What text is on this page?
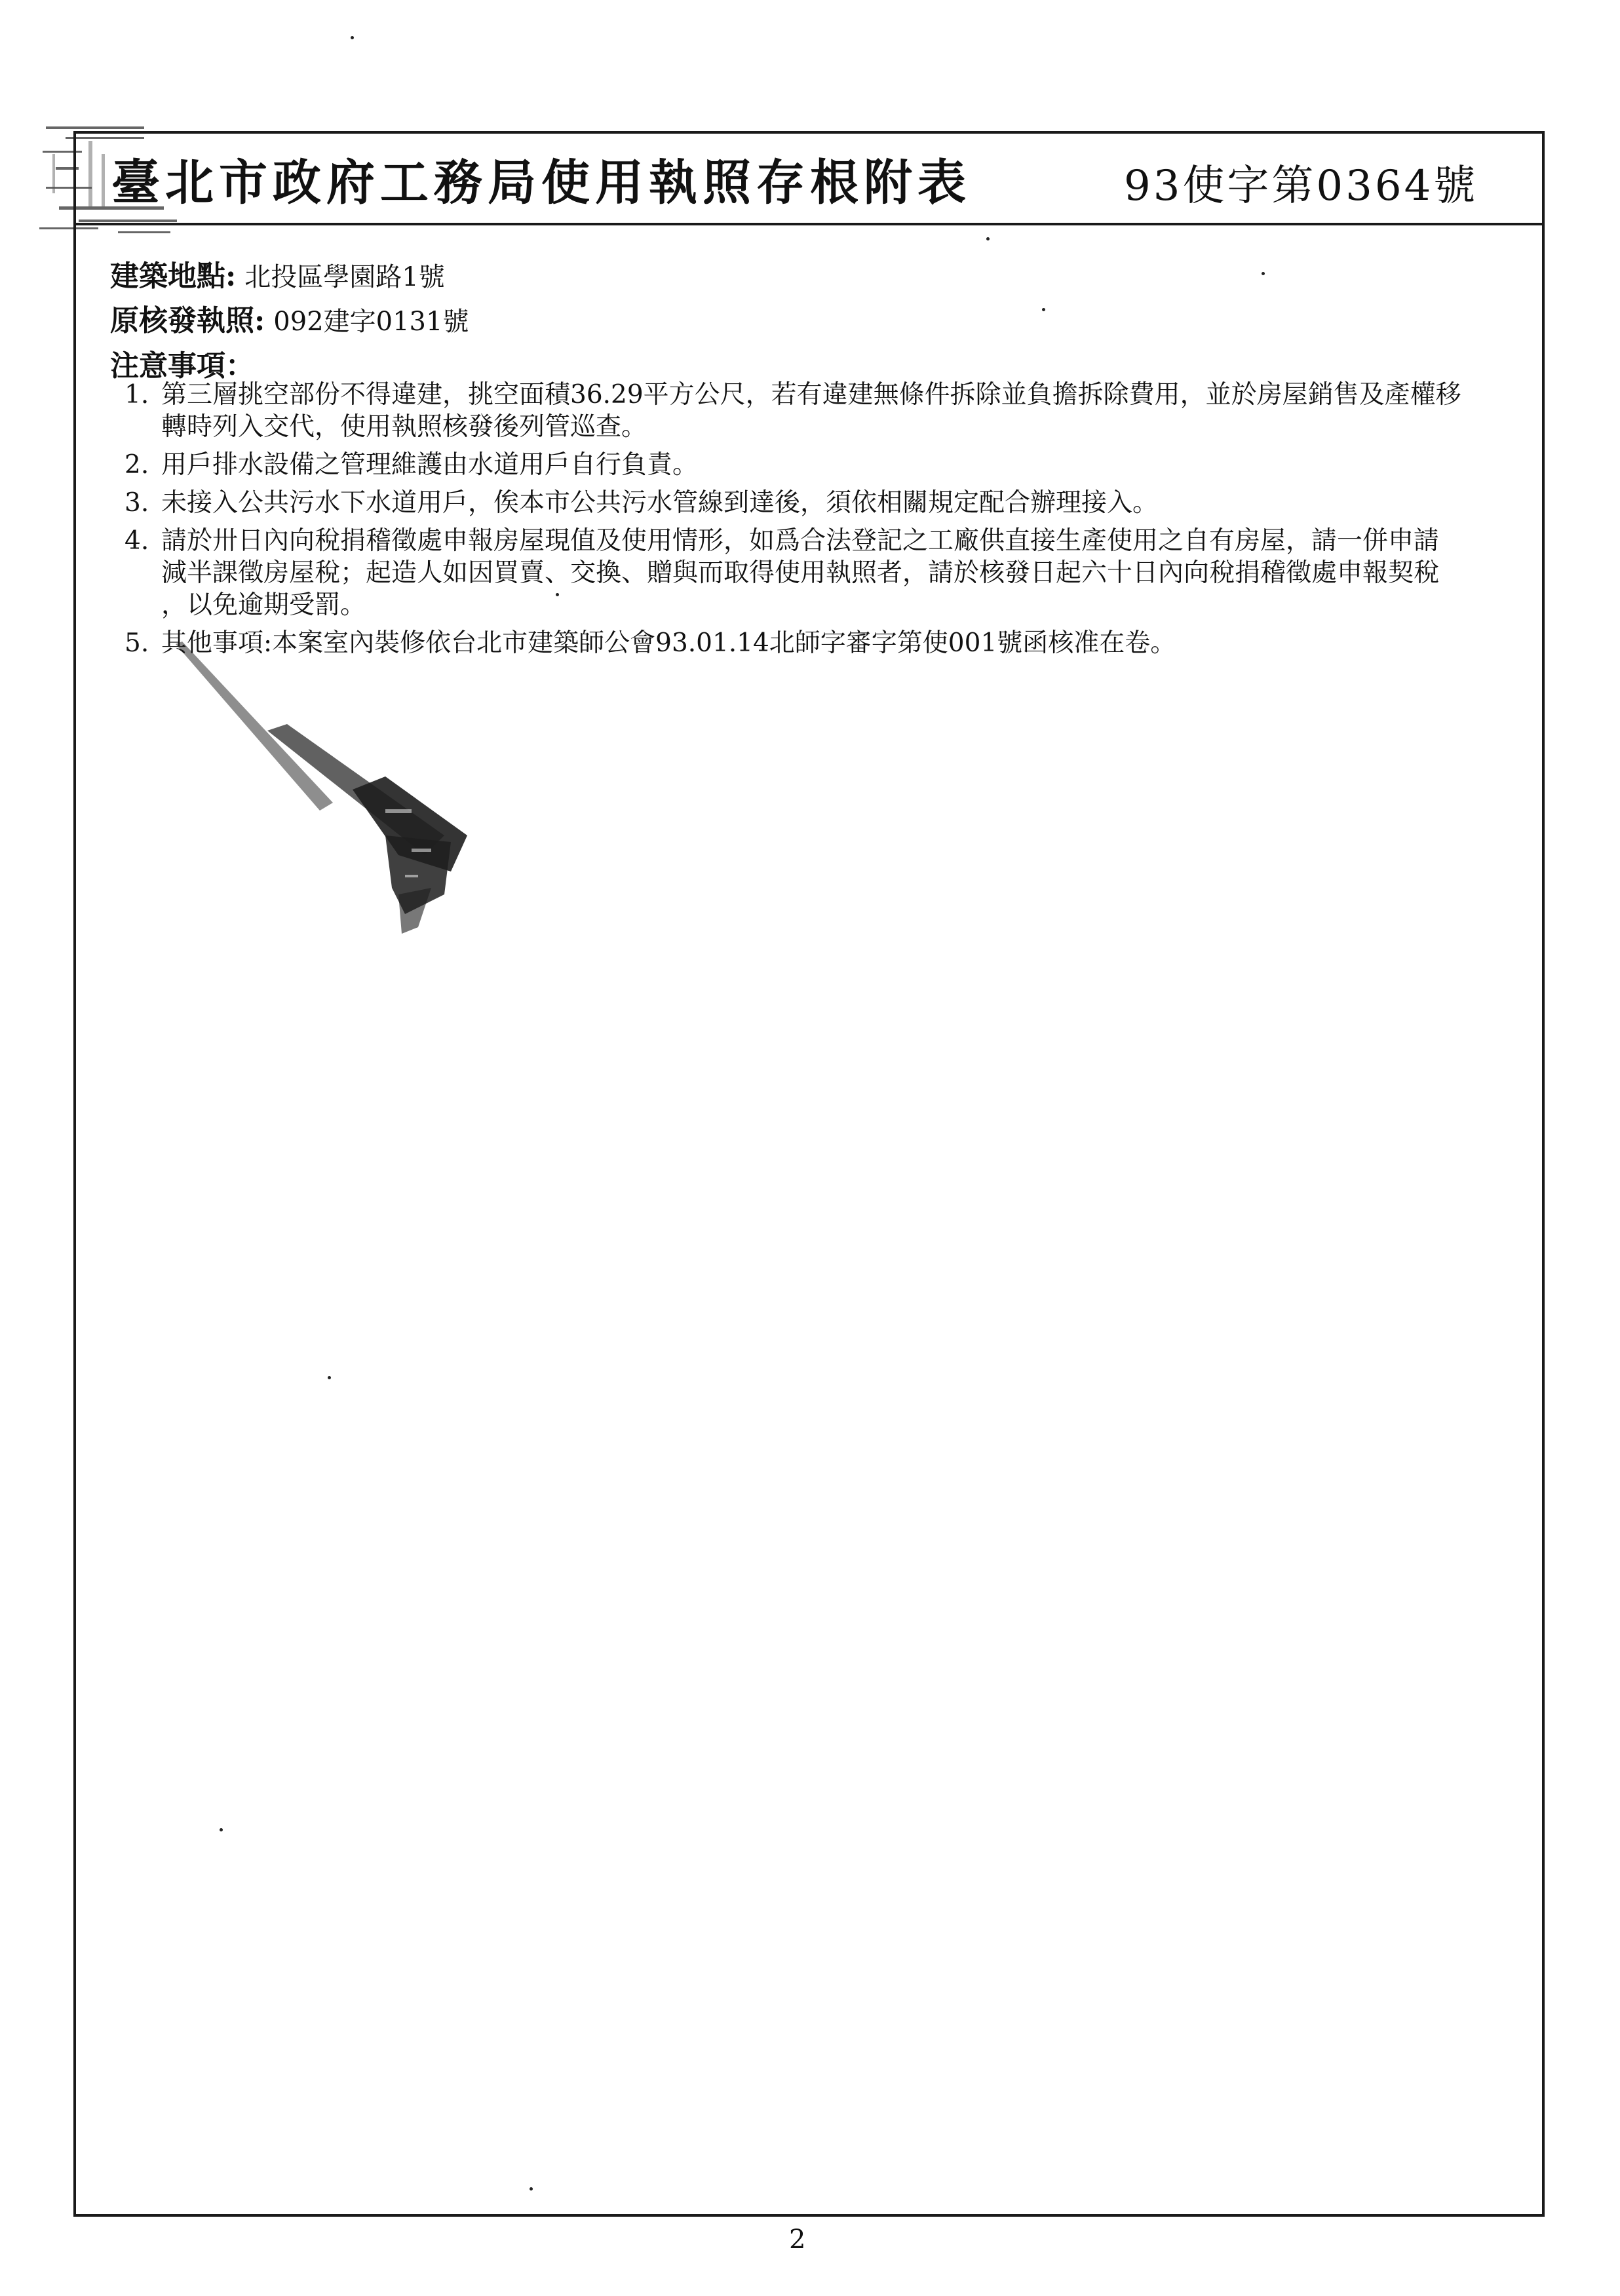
臺北市政府工務局使用執照存根附表	93使字第0364號
建築地點: 北投區學園路1號
原核發執照: 092建字0131號
注意事項：
1. 第三層挑空部份不得違建，挑空面積36.29平方公尺，若有違建無條件拆除並負擔拆除費用，並於房屋銷售及產權移
轉時列入交代，使用執照核發後列管巡查。
2. 用戶排水設備之管理維護由水道用戶自行負責。
3. 未接入公共污水下水道用戶，俟本市公共污水管線到達後，須依相關規定配合辦理接入。
4. 請於卅日內向稅捐稽徵處申報房屋現值及使用情形，如爲合法登記之工廠供直接生產使用之自有房屋，請一併申請
減半課徵房屋稅；起造人如因買賣、交換、贈與而取得使用執照者，請於核發日起六十日內向稅捐稽徵處申報契稅
，以免逾期受罰。
5. 其他事項:本案室內裝修依台北市建築師公會93.01.14北師字審字第使001號函核准在卷。
2
